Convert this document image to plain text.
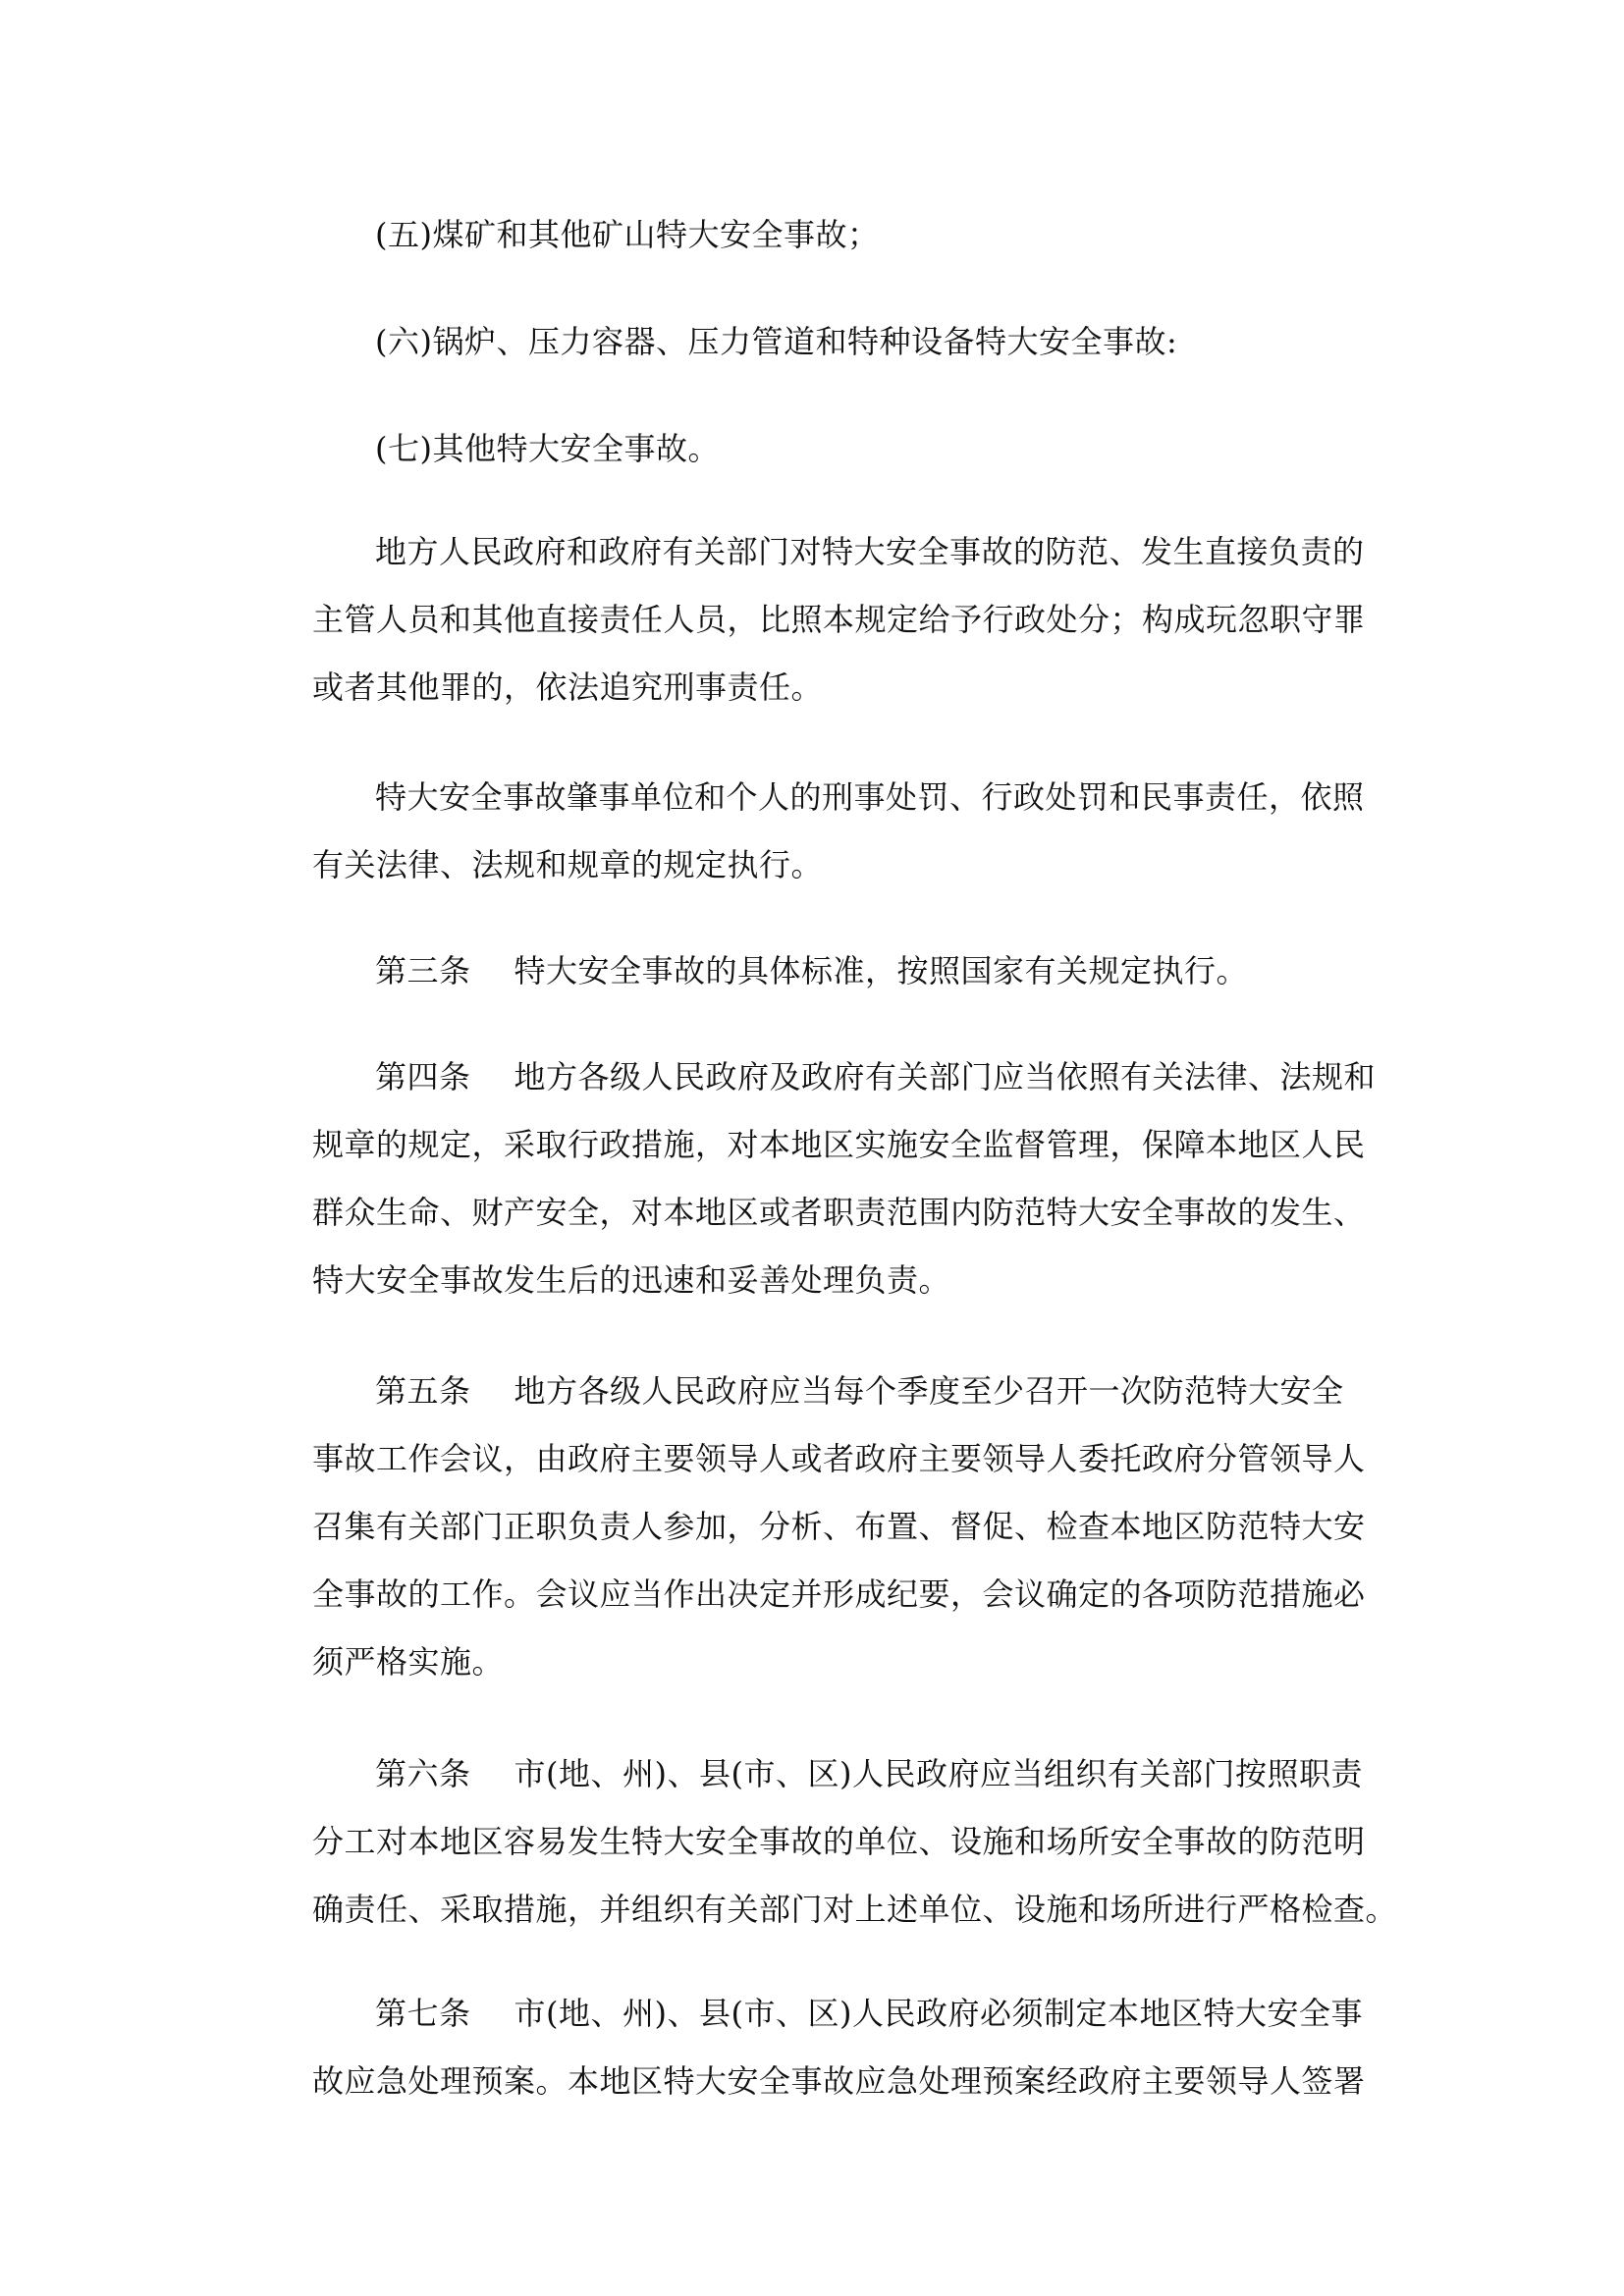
(五)煤矿和其他矿山特大安全事故；
(六)锅炉、压力容器、压力管道和特种设备特大安全事故:
(七)其他特大安全事故。
地方人民政府和政府有关部门对特大安全事故的防范、发生直接负责的
主管人员和其他直接责任人员，比照本规定给予行政处分；构成玩忽职守罪
或者其他罪的，依法追究刑事责任。
特大安全事故肇事单位和个人的刑事处罚、行政处罚和民事责任，依照
有关法律、法规和规章的规定执行。
第三条 特大安全事故的具体标准，按照国家有关规定执行。
第四条 地方各级人民政府及政府有关部门应当依照有关法律、法规和
规章的规定，采取行政措施，对本地区实施安全监督管理，保障本地区人民
群众生命、财产安全，对本地区或者职责范围内防范特大安全事故的发生、
特大安全事故发生后的迅速和妥善处理负责。
第五条 地方各级人民政府应当每个季度至少召开一次防范特大安全
事故工作会议，由政府主要领导人或者政府主要领导人委托政府分管领导人
召集有关部门正职负责人参加，分析、布置、督促、检查本地区防范特大安
全事故的工作。会议应当作出决定并形成纪要，会议确定的各项防范措施必
须严格实施。
第六条 市(地、州)、县(市、区)人民政府应当组织有关部门按照职责
分工对本地区容易发生特大安全事故的单位、设施和场所安全事故的防范明
确责任、采取措施，并组织有关部门对上述单位、设施和场所进行严格检查。
第七条 市(地、州)、县(市、区)人民政府必须制定本地区特大安全事
故应急处理预案。本地区特大安全事故应急处理预案经政府主要领导人签署
